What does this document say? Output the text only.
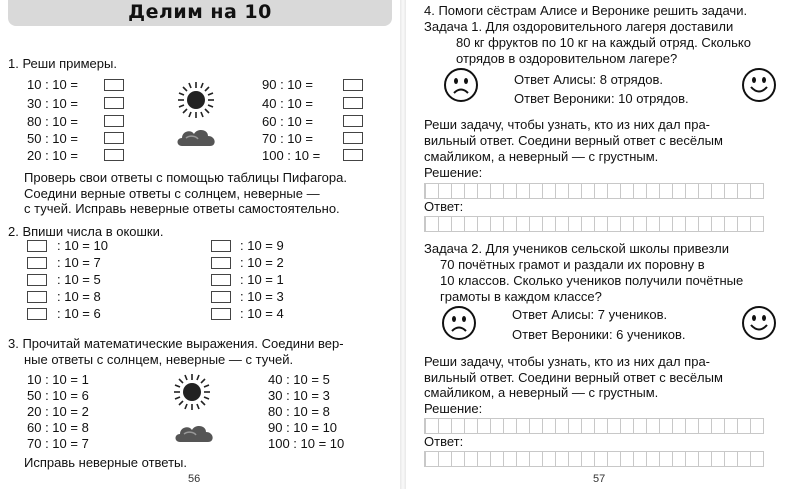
Делим на 10
1. Реши примеры.
10 : 10 =
30 : 10 =
80 : 10 =
50 : 10 =
20 : 10 =
90 : 10 =
40 : 10 =
60 : 10 =
70 : 10 =
100 : 10 =
Проверь свои ответы с помощью таблицы Пифагора.
Соедини верные ответы с солнцем, неверные —
с тучей. Исправь неверные ответы самостоятельно.
2. Впиши числа в окошки.
: 10 = 10
: 10 = 7
: 10 = 5
: 10 = 8
: 10 = 6
: 10 = 9
: 10 = 2
: 10 = 1
: 10 = 3
: 10 = 4
3. Прочитай математические выражения. Соедини вер-
ные ответы с солнцем, неверные — с тучей.
10 : 10 = 1
50 : 10 = 6
20 : 10 = 2
60 : 10 = 8
70 : 10 = 7
40 : 10 = 5
30 : 10 = 3
80 : 10 = 8
90 : 10 = 10
100 : 10 = 10
Исправь неверные ответы.
56
4. Помоги сёстрам Алисе и Веронике решить задачи.
Задача 1. Для оздоровительного лагеря доставили
80 кг фруктов по 10 кг на каждый отряд. Сколько
отрядов в оздоровительном лагере?
Ответ Алисы: 8 отрядов.
Ответ Вероники: 10 отрядов.
Реши задачу, чтобы узнать, кто из них дал пра-
вильный ответ. Соедини верный ответ с весёлым
смайликом, а неверный — с грустным.
Решение:
Ответ:
Задача 2. Для учеников сельской школы привезли
70 почётных грамот и раздали их поровну в
10 классов. Сколько учеников получили почётные
грамоты в каждом классе?
Ответ Алисы: 7 учеников.
Ответ Вероники: 6 учеников.
Реши задачу, чтобы узнать, кто из них дал пра-
вильный ответ. Соедини верный ответ с весёлым
смайликом, а неверный — с грустным.
Решение:
Ответ:
57
